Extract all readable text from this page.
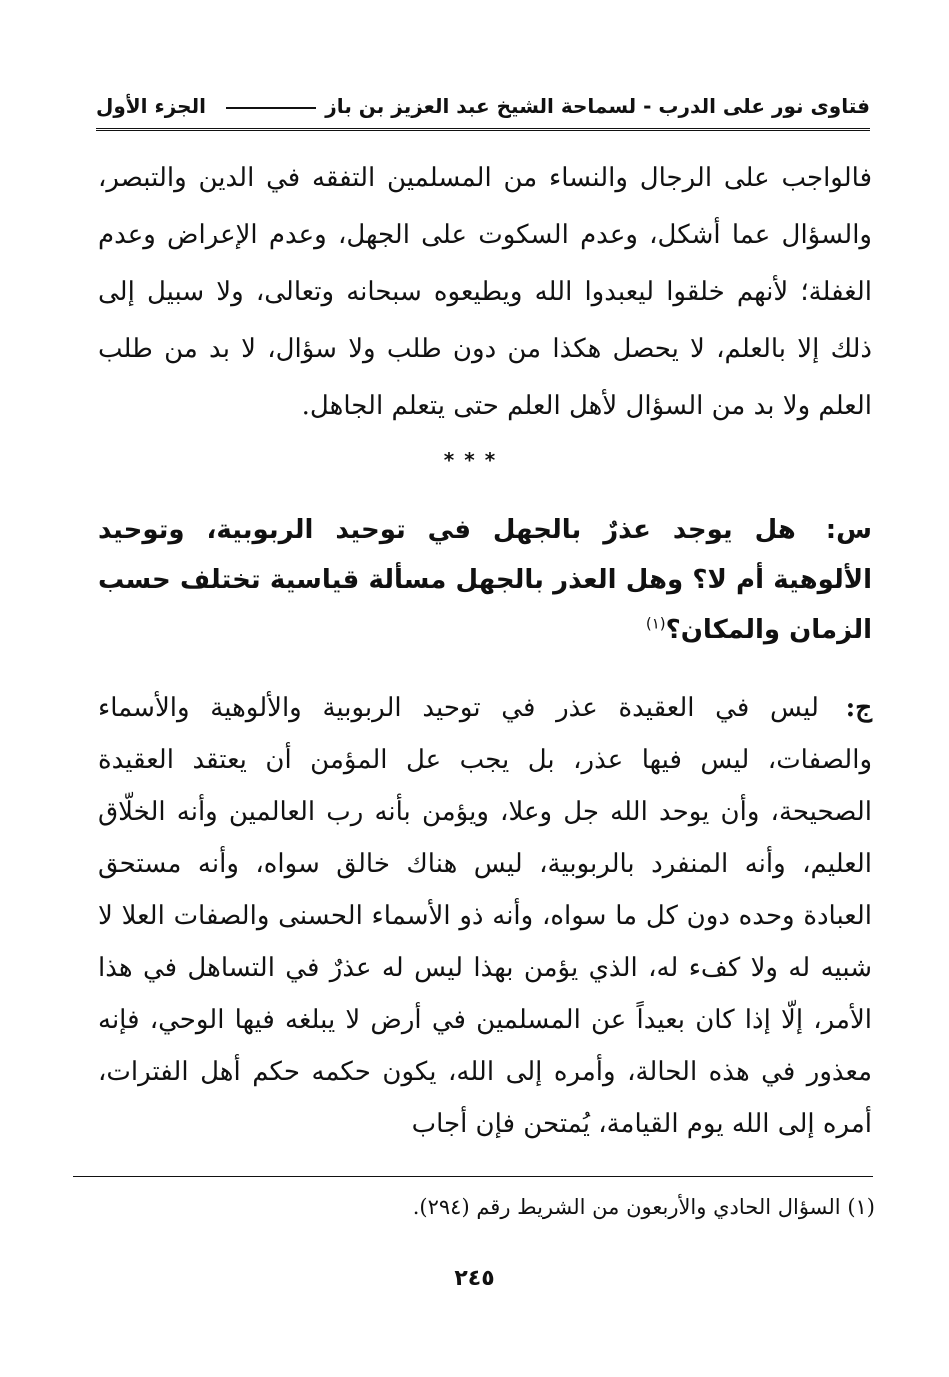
فتاوى نور على الدرب - لسماحة الشيخ عبد العزيز بن باز
الجزء الأول
فالواجب على الرجال والنساء من المسلمين التفقه في الدين والتبصر، والسؤال عما أشكل، وعدم السكوت على الجهل، وعدم الإعراض وعدم الغفلة؛ لأنهم خلقوا ليعبدوا الله ويطيعوه سبحانه وتعالى، ولا سبيل إلى ذلك إلا بالعلم، لا يحصل هكذا من دون طلب ولا سؤال، لا بد من طلب العلم ولا بد من السؤال لأهل العلم حتى يتعلم الجاهل.
***
س: هل يوجد عذرٌ بالجهل في توحيد الربوبية، وتوحيد الألوهية أم لا؟ وهل العذر بالجهل مسألة قياسية تختلف حسب الزمان والمكان؟$^{(١)}$
ج: ليس في العقيدة عذر في توحيد الربوبية والألوهية والأسماء والصفات، ليس فيها عذر، بل يجب عل المؤمن أن يعتقد العقيدة الصحيحة، وأن يوحد الله جل وعلا، ويؤمن بأنه رب العالمين وأنه الخلّاق العليم، وأنه المنفرد بالربوبية، ليس هناك خالق سواه، وأنه مستحق العبادة وحده دون كل ما سواه، وأنه ذو الأسماء الحسنى والصفات العلا لا شبيه له ولا كفء له، الذي يؤمن بهذا ليس له عذرٌ في التساهل في هذا الأمر، إلّا إذا كان بعيداً عن المسلمين في أرض لا يبلغه فيها الوحي، فإنه معذور في هذه الحالة، وأمره إلى الله، يكون حكمه حكم أهل الفترات، أمره إلى الله يوم القيامة، يُمتحن فإن أجاب
(١) السؤال الحادي والأربعون من الشريط رقم (٢٩٤).
٢٤٥
